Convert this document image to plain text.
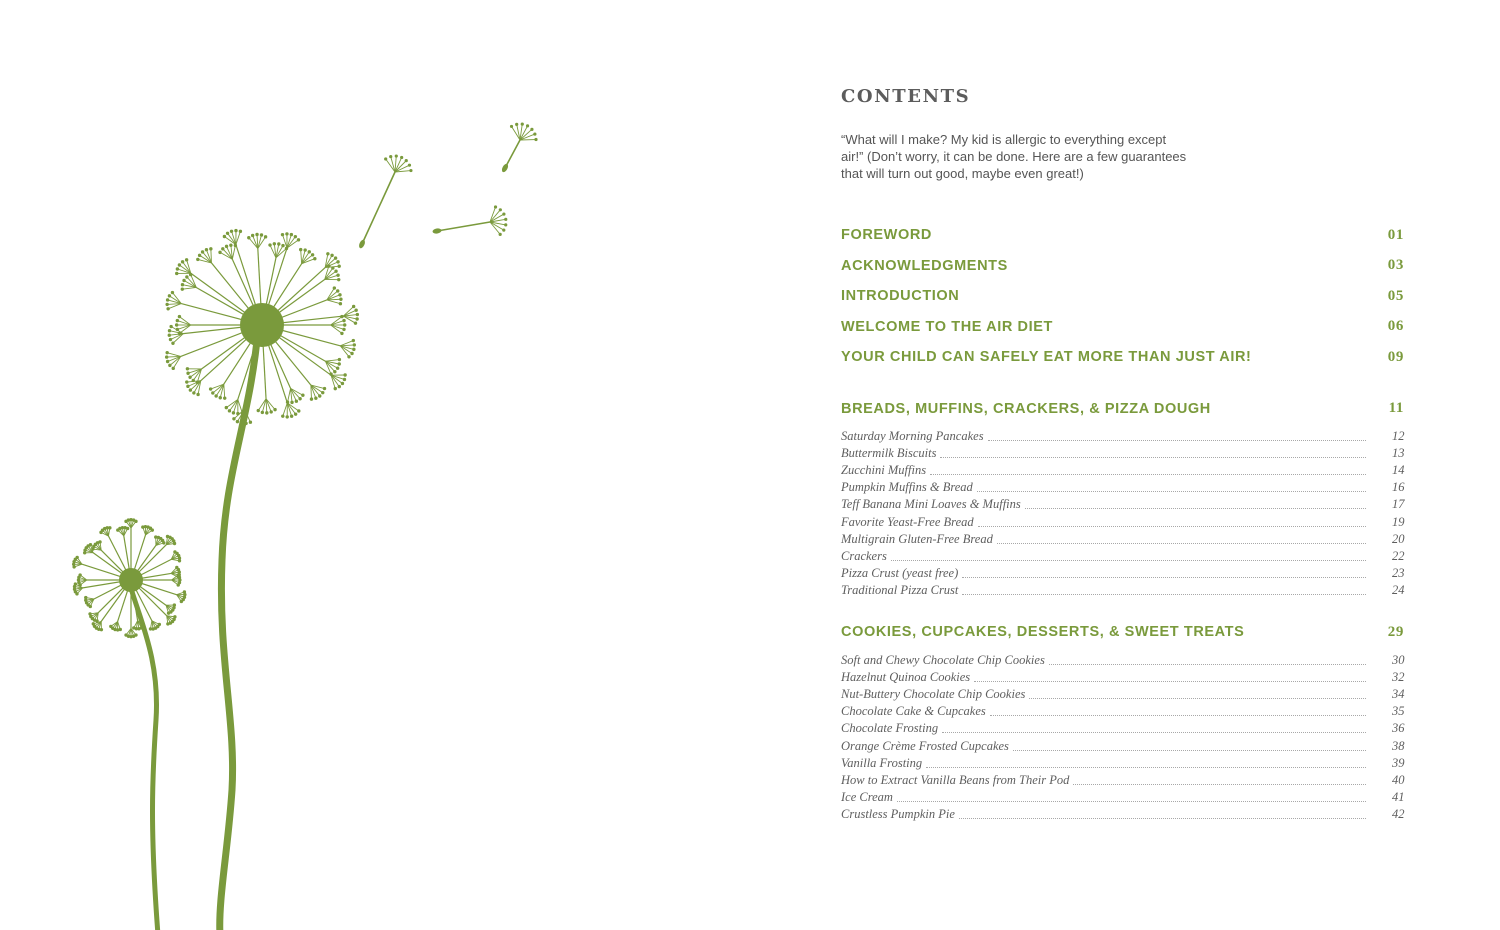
CONTENTS

“What will I make? My kid is allergic to everything except air!” (Don’t worry, it can be done. Here are a few guarantees that will turn out good, maybe even great!)

FOREWORD	01
ACKNOWLEDGMENTS	03
INTRODUCTION	05
WELCOME TO THE AIR DIET	06
YOUR CHILD CAN SAFELY EAT MORE THAN JUST AIR!	09
BREADS, MUFFINS, CRACKERS, & PIZZA DOUGH	11
Saturday Morning Pancakes	12
Buttermilk Biscuits	13
Zucchini Muffins	14
Pumpkin Muffins & Bread	16
Teff Banana Mini Loaves & Muffins	17
Favorite Yeast-Free Bread	19
Multigrain Gluten-Free Bread	20
Crackers	22
Pizza Crust (yeast free)	23
Traditional Pizza Crust	24
COOKIES, CUPCAKES, DESSERTS, & SWEET TREATS	29
Soft and Chewy Chocolate Chip Cookies	30
Hazelnut Quinoa Cookies	32
Nut-Buttery Chocolate Chip Cookies	34
Chocolate Cake & Cupcakes	35
Chocolate Frosting	36
Orange Crème Frosted Cupcakes	38
Vanilla Frosting	39
How to Extract Vanilla Beans from Their Pod	40
Ice Cream	41
Crustless Pumpkin Pie	42
